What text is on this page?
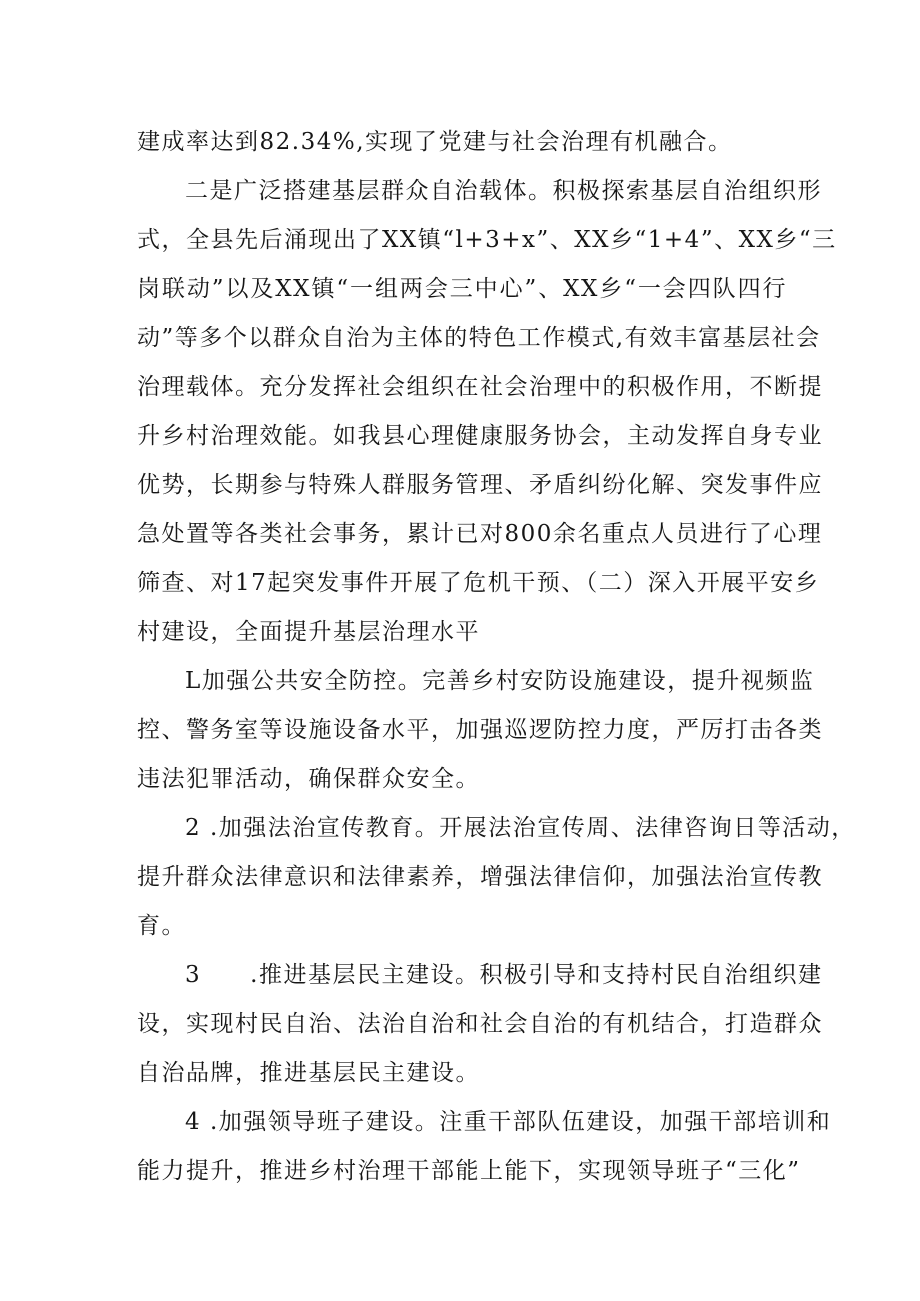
建成率达到82.34%,实现了党建与社会治理有机融合。
二是广泛搭建基层群众自治载体。积极探索基层自治组织形
式，全县先后涌现出了XX镇“l+3+x”、XX乡“1+4”、XX乡“三
岗联动”以及XX镇“一组两会三中心”、XX乡“一会四队四行
动”等多个以群众自治为主体的特色工作模式,有效丰富基层社会
治理载体。充分发挥社会组织在社会治理中的积极作用，不断提
升乡村治理效能。如我县心理健康服务协会，主动发挥自身专业
优势，长期参与特殊人群服务管理、矛盾纠纷化解、突发事件应
急处置等各类社会事务，累计已对800余名重点人员进行了心理
筛查、对17起突发事件开展了危机干预、（二）深入开展平安乡
村建设，全面提升基层治理水平
L加强公共安全防控。完善乡村安防设施建设，提升视频监
控、警务室等设施设备水平，加强巡逻防控力度，严厉打击各类
违法犯罪活动，确保群众安全。
2 .加强法治宣传教育。开展法治宣传周、法律咨询日等活动，
提升群众法律意识和法律素养，增强法律信仰，加强法治宣传教
育。
3　　.推进基层民主建设。积极引导和支持村民自治组织建
设，实现村民自治、法治自治和社会自治的有机结合，打造群众
自治品牌，推进基层民主建设。
4 .加强领导班子建设。注重干部队伍建设，加强干部培训和
能力提升，推进乡村治理干部能上能下，实现领导班子“三化”
